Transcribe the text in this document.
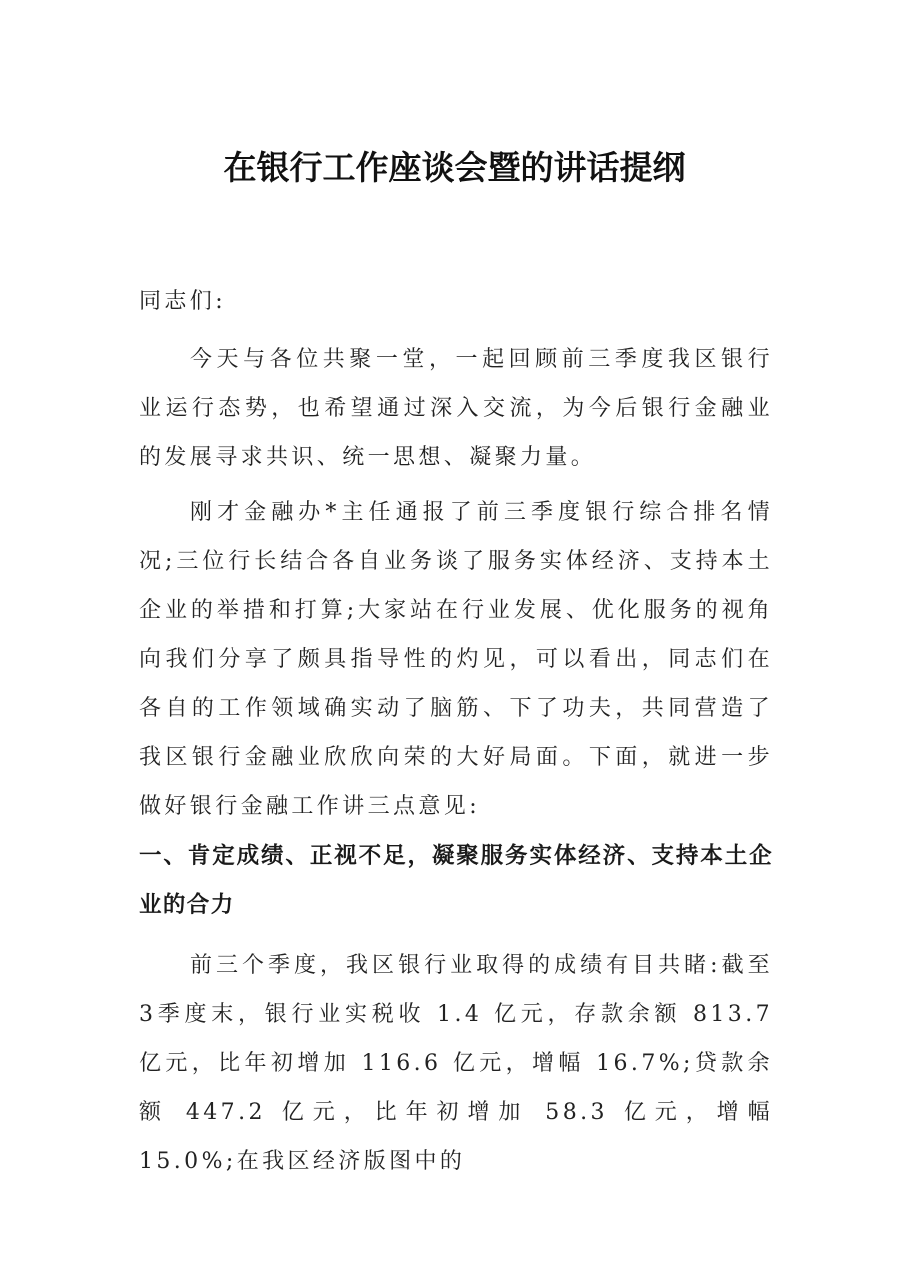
在银行工作座谈会暨的讲话提纲
同志们:
今天与各位共聚一堂，一起回顾前三季度我区银行业运行态势，也希望通过深入交流，为今后银行金融业的发展寻求共识、统一思想、凝聚力量。
刚才金融办*主任通报了前三季度银行综合排名情况;三位行长结合各自业务谈了服务实体经济、支持本土企业的举措和打算;大家站在行业发展、优化服务的视角向我们分享了颇具指导性的灼见，可以看出，同志们在各自的工作领域确实动了脑筋、下了功夫，共同营造了我区银行金融业欣欣向荣的大好局面。下面，就进一步做好银行金融工作讲三点意见:
一、肯定成绩、正视不足，凝聚服务实体经济、支持本土企业的合力
前三个季度，我区银行业取得的成绩有目共睹:截至 3季度末，银行业实税收 1.4 亿元，存款余额 813.7 亿元，比年初增加 116.6 亿元，增幅 16.7%;贷款余额 447.2 亿元，比年初增加 58.3 亿元，增幅 15.0%;在我区经济版图中的
